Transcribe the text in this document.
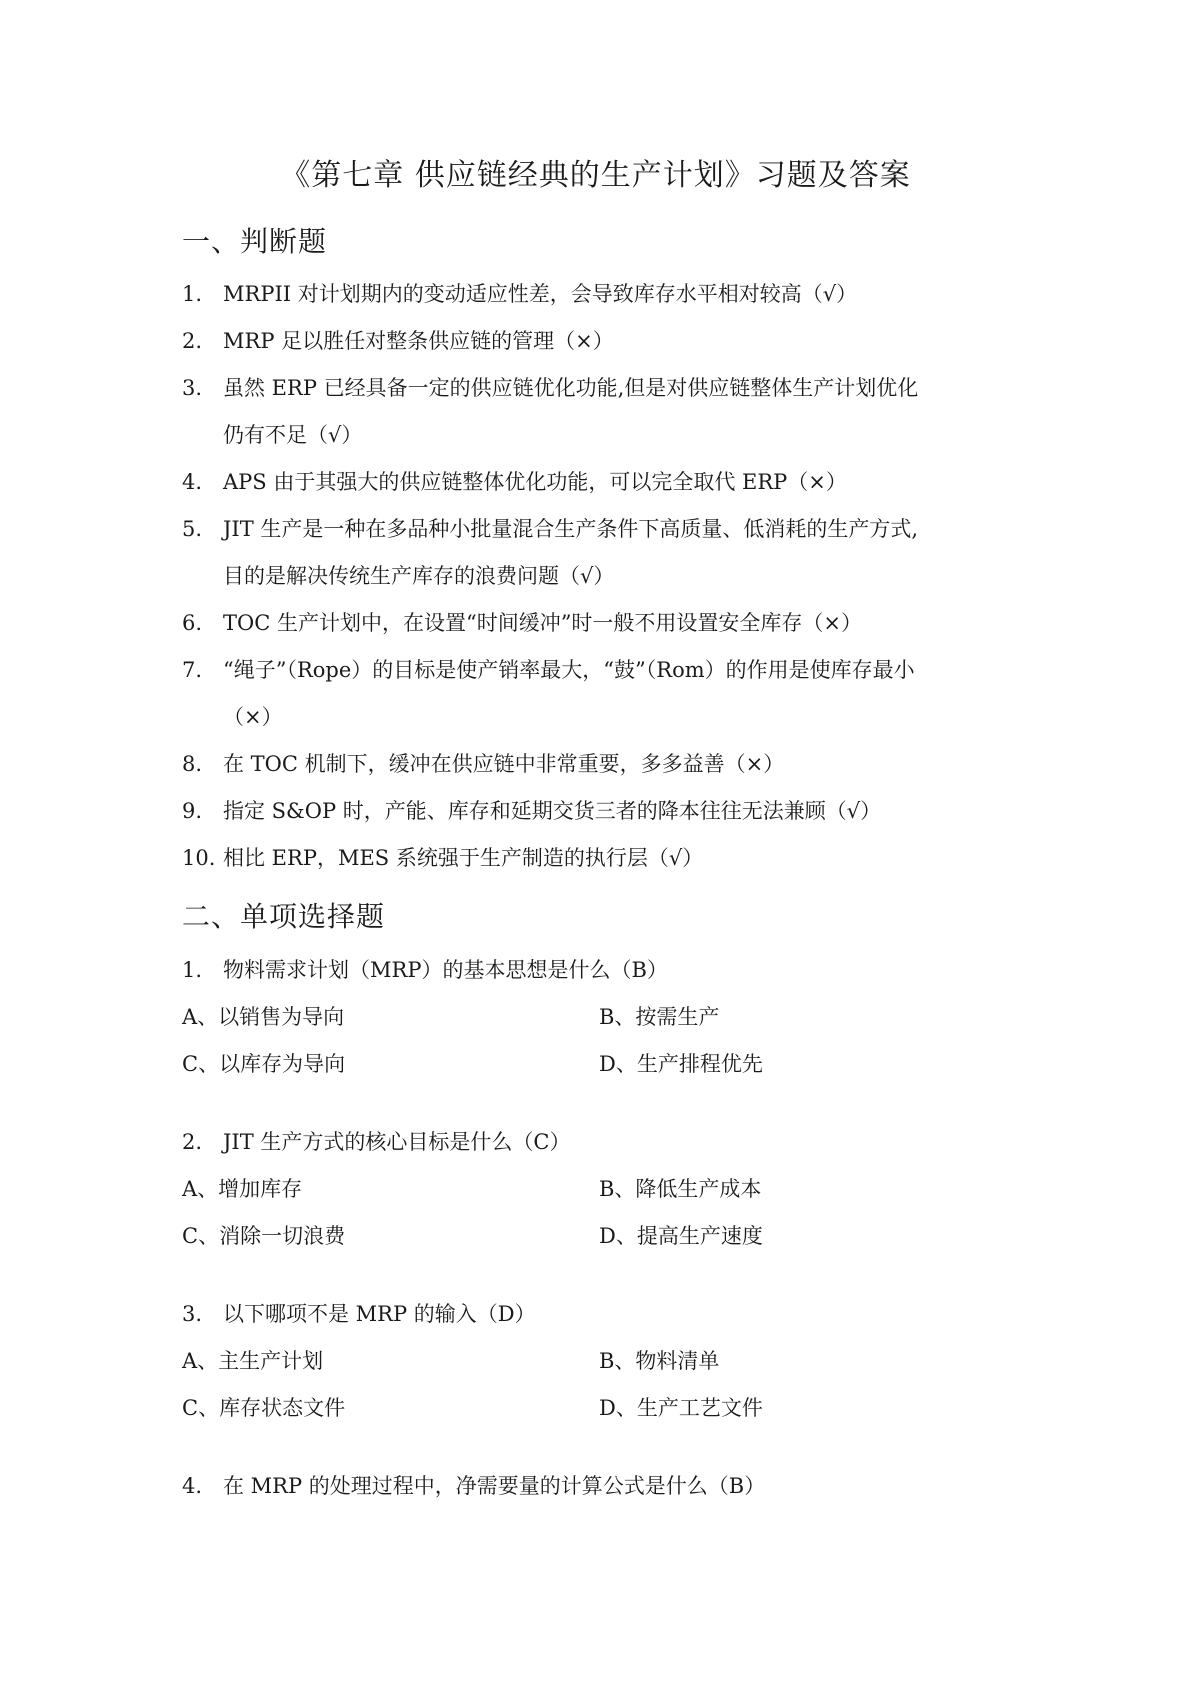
《第七章 供应链经典的生产计划》习题及答案
一、判断题
1. MRPII 对计划期内的变动适应性差，会导致库存水平相对较高（√）
2. MRP 足以胜任对整条供应链的管理（×）
3. 虽然 ERP 已经具备一定的供应链优化功能,但是对供应链整体生产计划优化
仍有不足（√）
4. APS 由于其强大的供应链整体优化功能，可以完全取代 ERP（×）
5. JIT 生产是一种在多品种小批量混合生产条件下高质量、低消耗的生产方式,
目的是解决传统生产库存的浪费问题（√）
6. TOC 生产计划中，在设置“时间缓冲”时一般不用设置安全库存（×）
7. “绳子”（Rope）的目标是使产销率最大，“鼓”（Rom）的作用是使库存最小
（×）
8. 在 TOC 机制下，缓冲在供应链中非常重要，多多益善（×）
9. 指定 S&OP 时，产能、库存和延期交货三者的降本往往无法兼顾（√）
10. 相比 ERP，MES 系统强于生产制造的执行层（√）
二、单项选择题
1. 物料需求计划（MRP）的基本思想是什么（B）
A、以销售为导向	B、按需生产
C、以库存为导向	D、生产排程优先
2. JIT 生产方式的核心目标是什么（C）
A、增加库存	B、降低生产成本
C、消除一切浪费	D、提高生产速度
3. 以下哪项不是 MRP 的输入（D）
A、主生产计划	B、物料清单
C、库存状态文件	D、生产工艺文件
4. 在 MRP 的处理过程中，净需要量的计算公式是什么（B）
